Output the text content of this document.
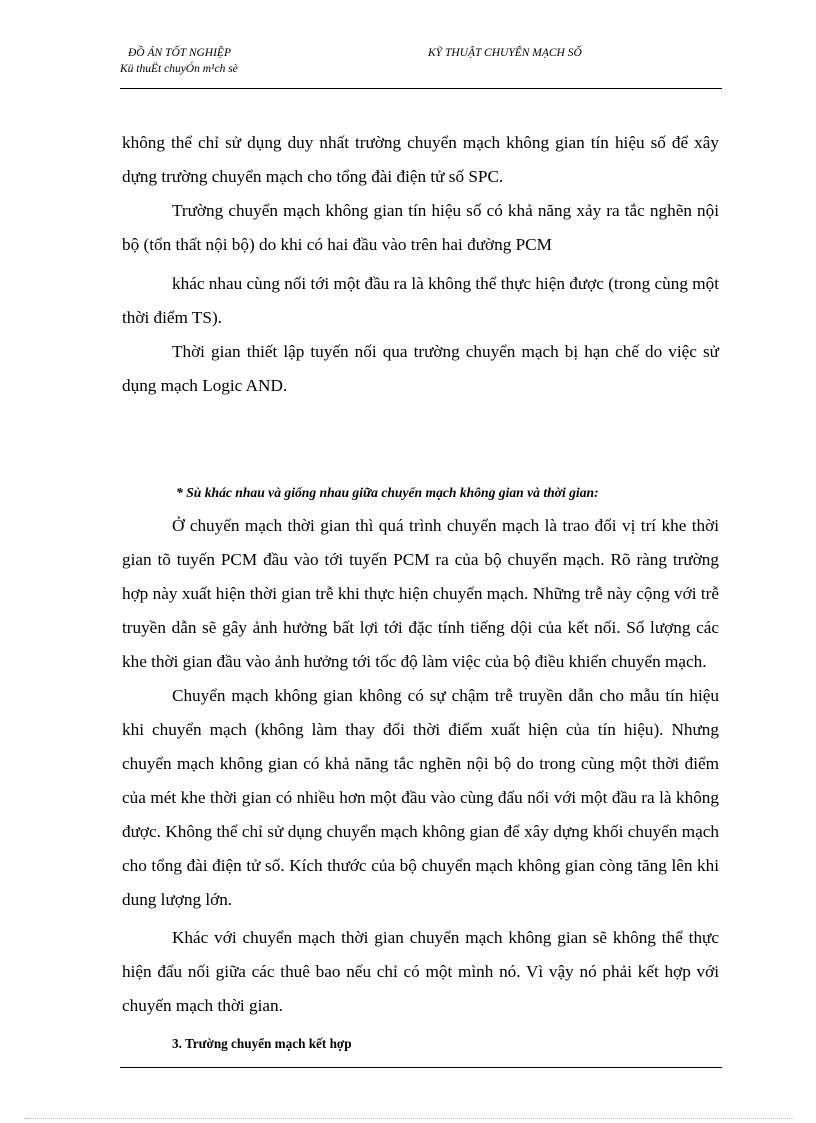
ĐỒ ÁN TỐT NGHIỆP
Kü thuËt chuyÓn m¹ch sè
KỸ THUẬT CHUYỂN MẠCH SỐ

không thể chỉ sử dụng duy nhất trường chuyển mạch không gian tín hiệu số để xây dựng trường chuyển mạch cho tổng đài điện tử số SPC.

Trường chuyển mạch không gian tín hiệu số có khả năng xảy ra tắc nghẽn nội bộ (tổn thất nội bộ) do khi có hai đầu vào trên hai đường PCM

khác nhau cùng nối tới một đầu ra là không thể thực hiện được (trong cùng một thời điểm TS).

Thời gian thiết lập tuyến nối qua trường chuyển mạch bị hạn chế do việc sử dụng mạch Logic AND.

* Sù khác nhau và giống nhau giữa chuyển mạch không gian và thời gian:

Ở chuyển mạch thời gian thì quá trình chuyển mạch là trao đổi vị trí khe thời gian tõ tuyến PCM đầu vào tới tuyến PCM ra của bộ chuyển mạch. Rõ ràng trường hợp này xuất hiện thời gian trễ khi thực hiện chuyển mạch. Những trễ này cộng với trễ truyền dẫn sẽ gây ảnh hưởng bất lợi tới đặc tính tiếng dội của kết nối. Số lượng các khe thời gian đầu vào ảnh hưởng tới tốc độ làm việc của bộ điều khiển chuyển mạch.

Chuyển mạch không gian không có sự chậm trễ truyền dẫn cho mẫu tín hiệu khi chuyển mạch (không làm thay đổi thời điểm xuất hiện của tín hiệu). Nhưng chuyển mạch không gian có khả năng tắc nghẽn nội bộ do trong cùng một thời điểm của mét khe thời gian có nhiều hơn một đầu vào cùng đấu nối với một đầu ra là không được. Không thể chỉ sử dụng chuyển mạch không gian để xây dựng khối chuyển mạch cho tổng đài điện tử số. Kích thước của bộ chuyển mạch không gian còng tăng lên khi dung lượng lớn.

Khác với chuyển mạch thời gian chuyển mạch không gian sẽ không thể thực hiện đấu nối giữa các thuê bao nếu chỉ có một mình nó. Vì vậy nó phải kết hợp với chuyển mạch thời gian.

3. Trường chuyển mạch kết hợp
